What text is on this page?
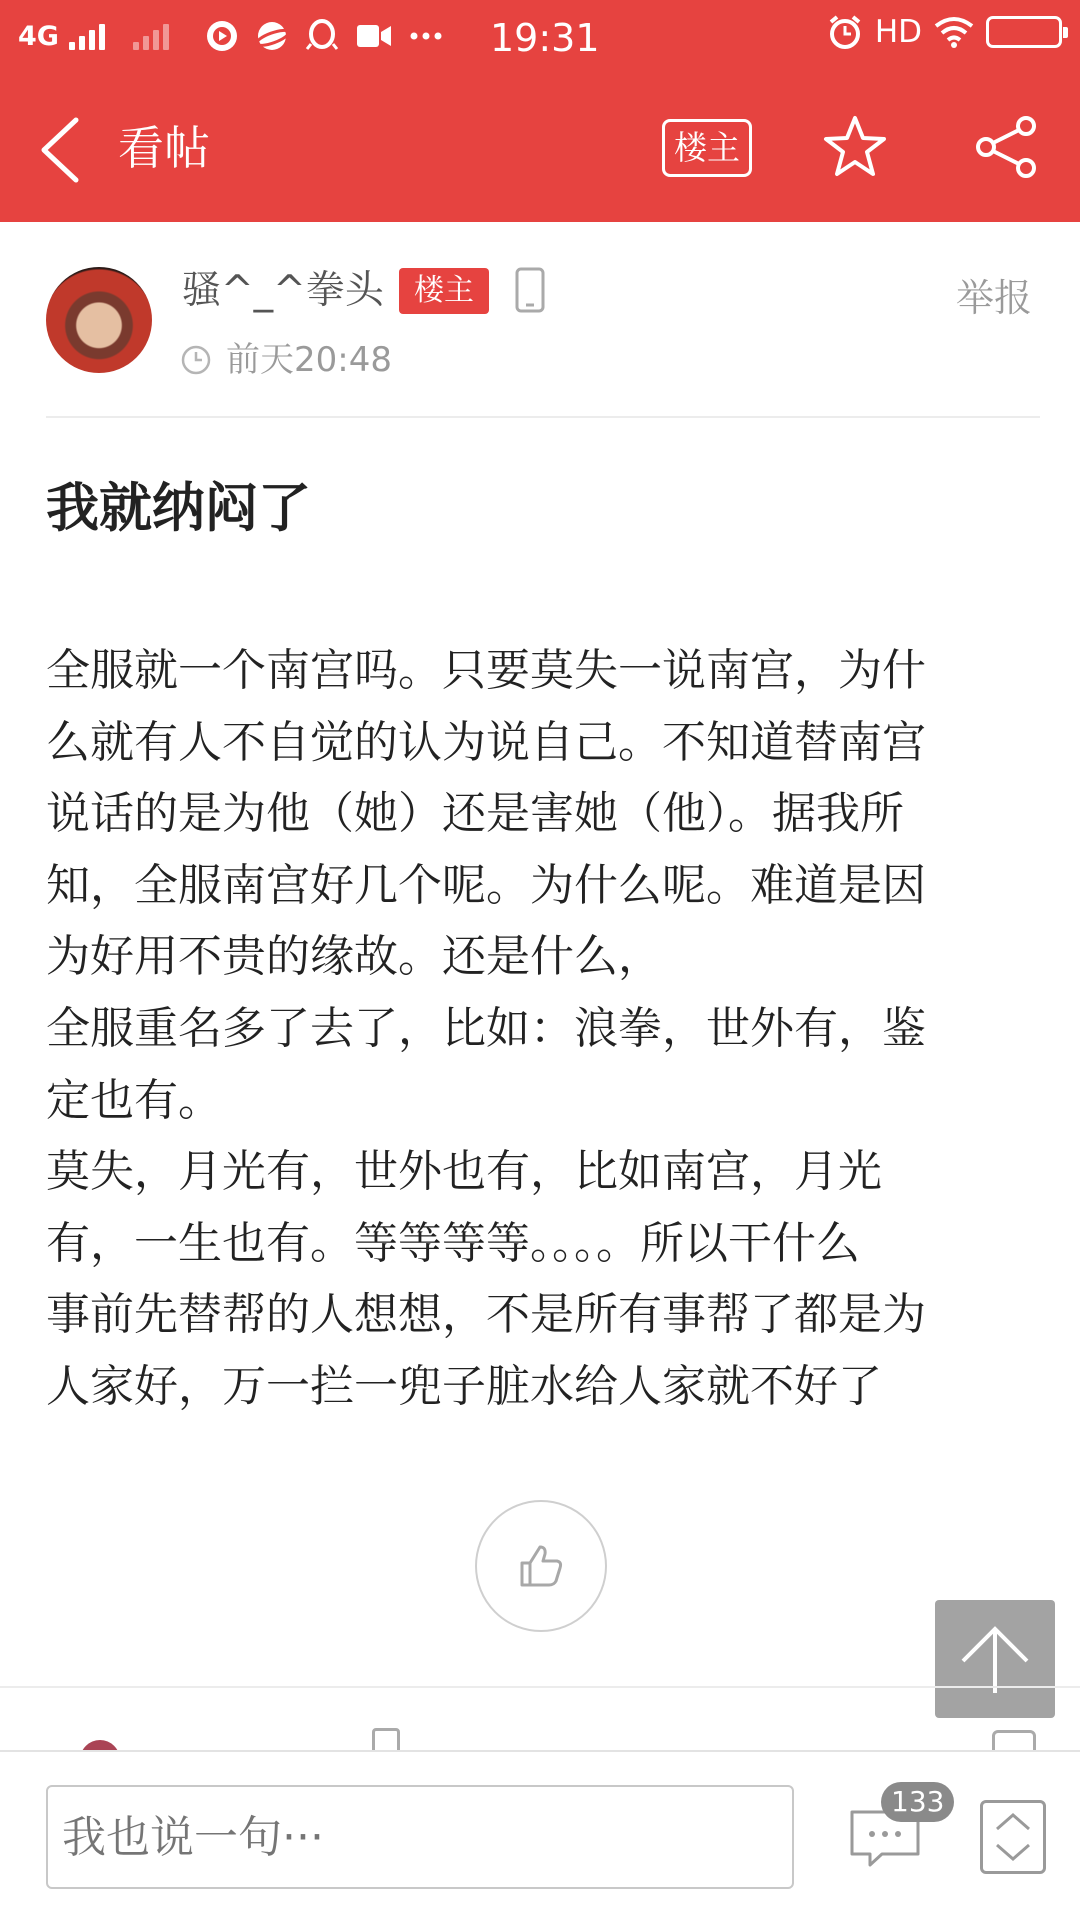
4G	19:31	HD
看帖	楼主
骚^_^拳头	楼主
前天20:48
举报
我就纳闷了
全服就一个南宫吗。只要莫失一说南宫，为什
么就有人不自觉的认为说自己。不知道替南宫
说话的是为他（她）还是害她（他）。据我所
知，全服南宫好几个呢。为什么呢。难道是因
为好用不贵的缘故。还是什么，
全服重名多了去了，比如：浪拳，世外有，鉴
定也有。
莫失，月光有，世外也有，比如南宫，月光
有，一生也有。等等等等。。。。所以干什么
事前先替帮的人想想，不是所有事帮了都是为
人家好，万一拦一兜子脏水给人家就不好了
我也说一句···
133
